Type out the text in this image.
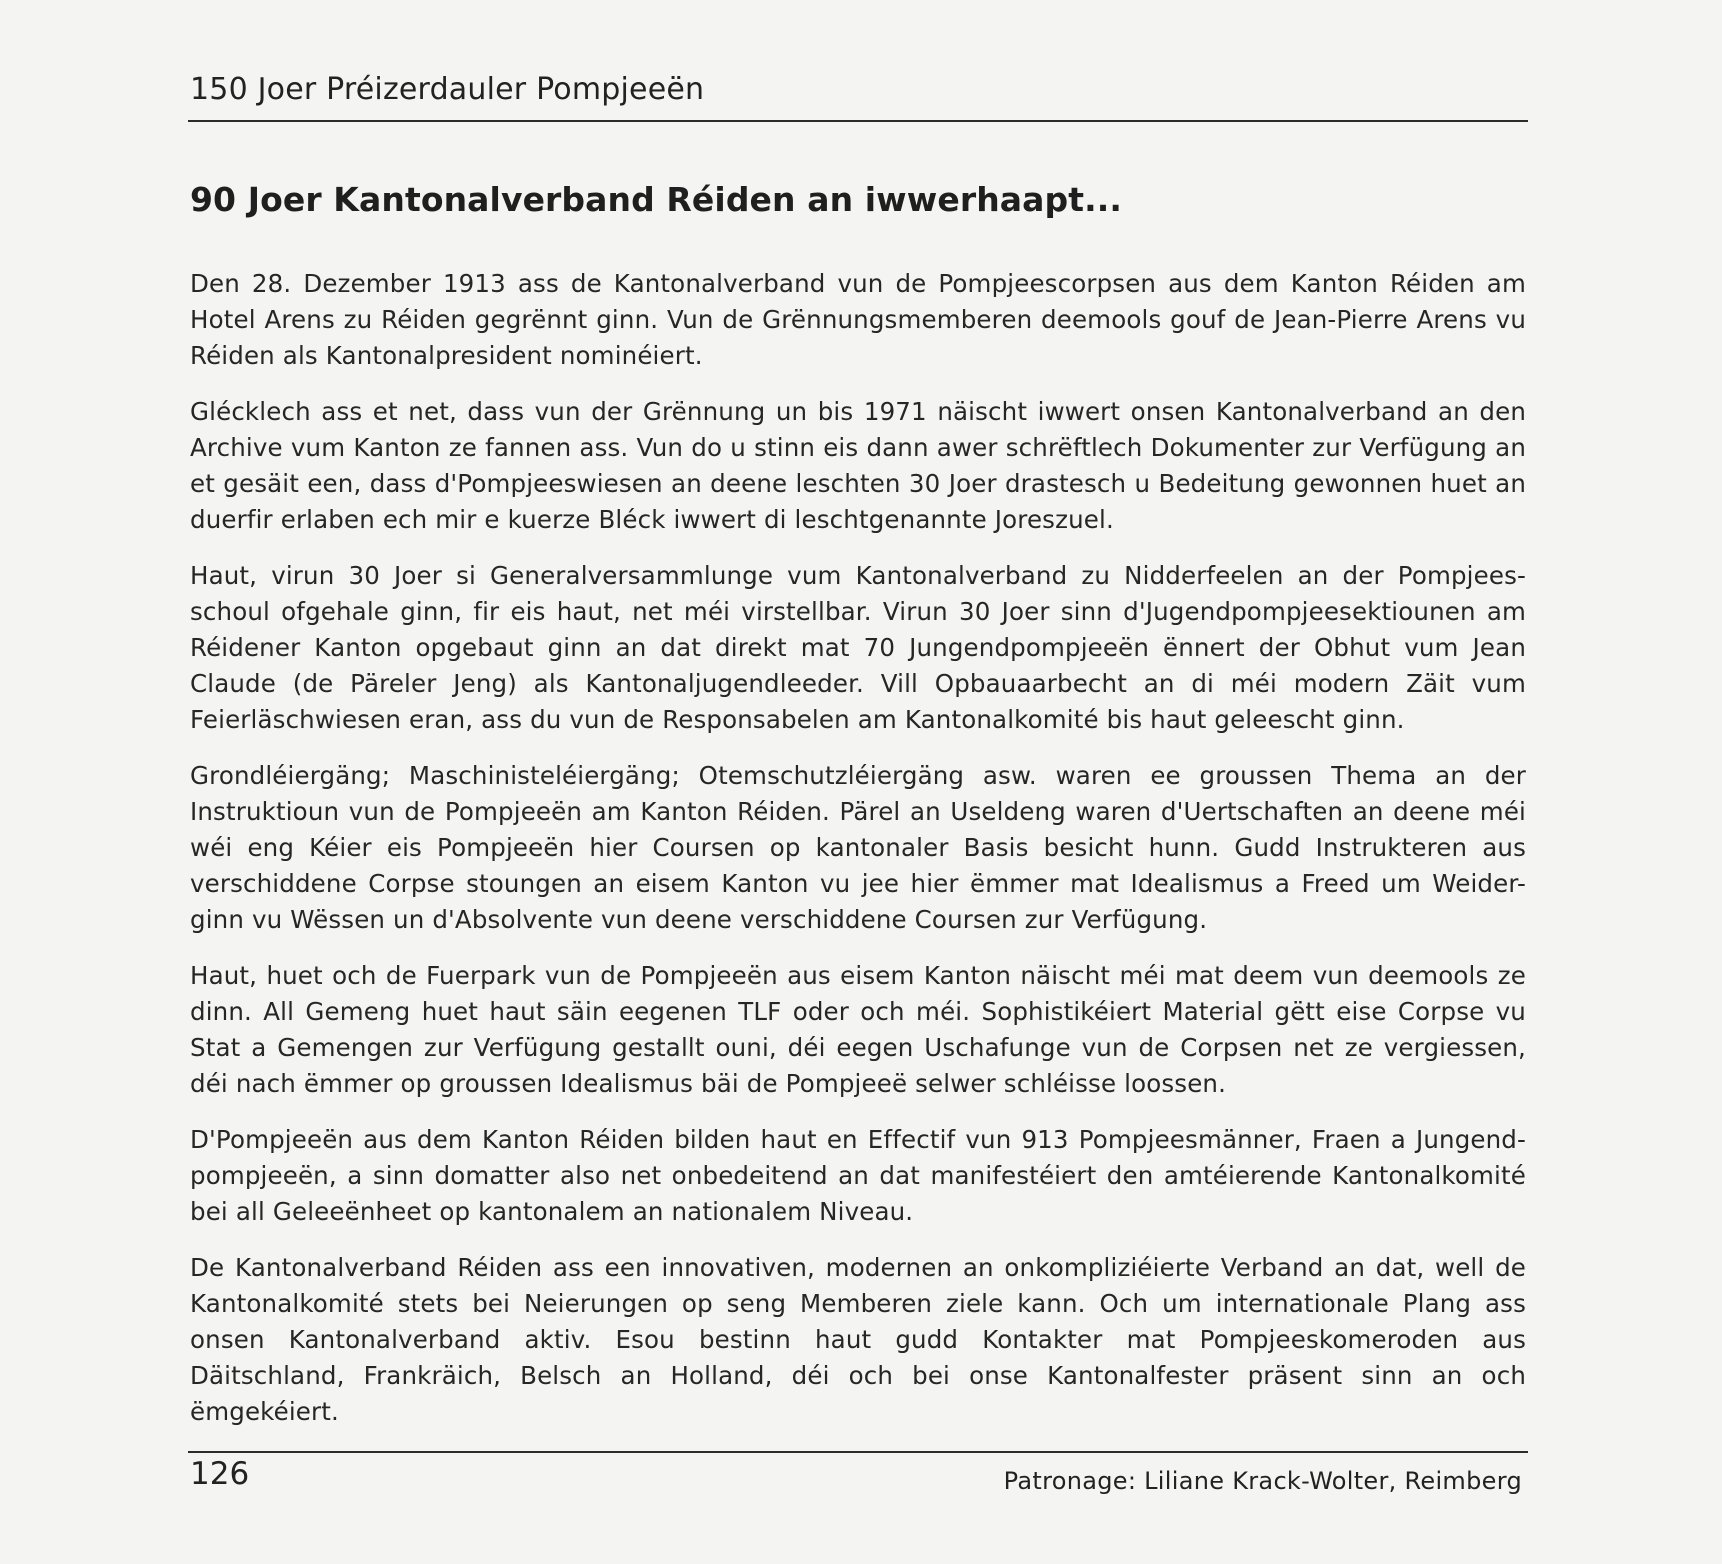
150 Joer Préizerdauler Pompjeeën
90 Joer Kantonalverband Réiden an iwwerhaapt...

Den 28. Dezember 1913 ass de Kantonalverband vun de Pompjeescorpsen aus dem Kanton Réiden am Hotel Arens zu Réiden gegrënnt ginn. Vun de Grënnungsmemberen deemools gouf de Jean-Pierre Arens vu Réiden als Kantonalpresident nominéiert.

Glécklech ass et net, dass vun der Grënnung un bis 1971 näischt iwwert onsen Kantonalverband an den Archive vum Kanton ze fannen ass. Vun do u stinn eis dann awer schrëftlech Dokumenter zur Verfügung an et gesäit een, dass d'Pompjeeswiesen an deene leschten 30 Joer drastesch u Bedeitung gewonnen huet an duerfir erlaben ech mir e kuerze Bléck iwwert di leschtgenannte Joreszuel.

Haut, virun 30 Joer si Generalversammlunge vum Kantonalverband zu Nidderfeelen an der Pompjees-schoul ofgehale ginn, fir eis haut, net méi virstellbar. Virun 30 Joer sinn d'Jugendpompjeesektiounen am Réidener Kanton opgebaut ginn an dat direkt mat 70 Jungendpompjeeën ënnert der Obhut vum Jean Claude (de Päreler Jeng) als Kantonaljugendleeder. Vill Opbauaarbecht an di méi modern Zäit vum Feierläschwiesen eran, ass du vun de Responsabelen am Kantonalkomité bis haut geleescht ginn.

Grondléiergäng; Maschinisteléiergäng; Otemschutzléiergäng asw. waren ee groussen Thema an der Instruktioun vun de Pompjeeën am Kanton Réiden. Pärel an Useldeng waren d'Uertschaften an deene méi wéi eng Kéier eis Pompjeeën hier Coursen op kantonaler Basis besicht hunn. Gudd Instrukteren aus verschiddene Corpse stoungen an eisem Kanton vu jee hier ëmmer mat Idealismus a Freed um Weider-ginn vu Wëssen un d'Absolvente vun deene verschiddene Coursen zur Verfügung.

Haut, huet och de Fuerpark vun de Pompjeeën aus eisem Kanton näischt méi mat deem vun deemools ze dinn. All Gemeng huet haut säin eegenen TLF oder och méi. Sophistikéiert Material gëtt eise Corpse vu Stat a Gemengen zur Verfügung gestallt ouni, déi eegen Uschafunge vun de Corpsen net ze vergiessen, déi nach ëmmer op groussen Idealismus bäi de Pompjeeë selwer schléisse loossen.

D'Pompjeeën aus dem Kanton Réiden bilden haut en Effectif vun 913 Pompjeesmänner, Fraen a Jungend-pompjeeën, a sinn domatter also net onbedeitend an dat manifestéiert den amtéierende Kantonalkomité bei all Geleeënheet op kantonalem an nationalem Niveau.

De Kantonalverband Réiden ass een innovativen, modernen an onkompliziéierte Verband an dat, well de Kantonalkomité stets bei Neierungen op seng Memberen ziele kann. Och um internationale Plang ass onsen Kantonalverband aktiv. Esou bestinn haut gudd Kontakter mat Pompjeeskomeroden aus Däitschland, Frankräich, Belsch an Holland, déi och bei onse Kantonalfester präsent sinn an och ëmgekéiert.

126	Patronage: Liliane Krack-Wolter, Reimberg
